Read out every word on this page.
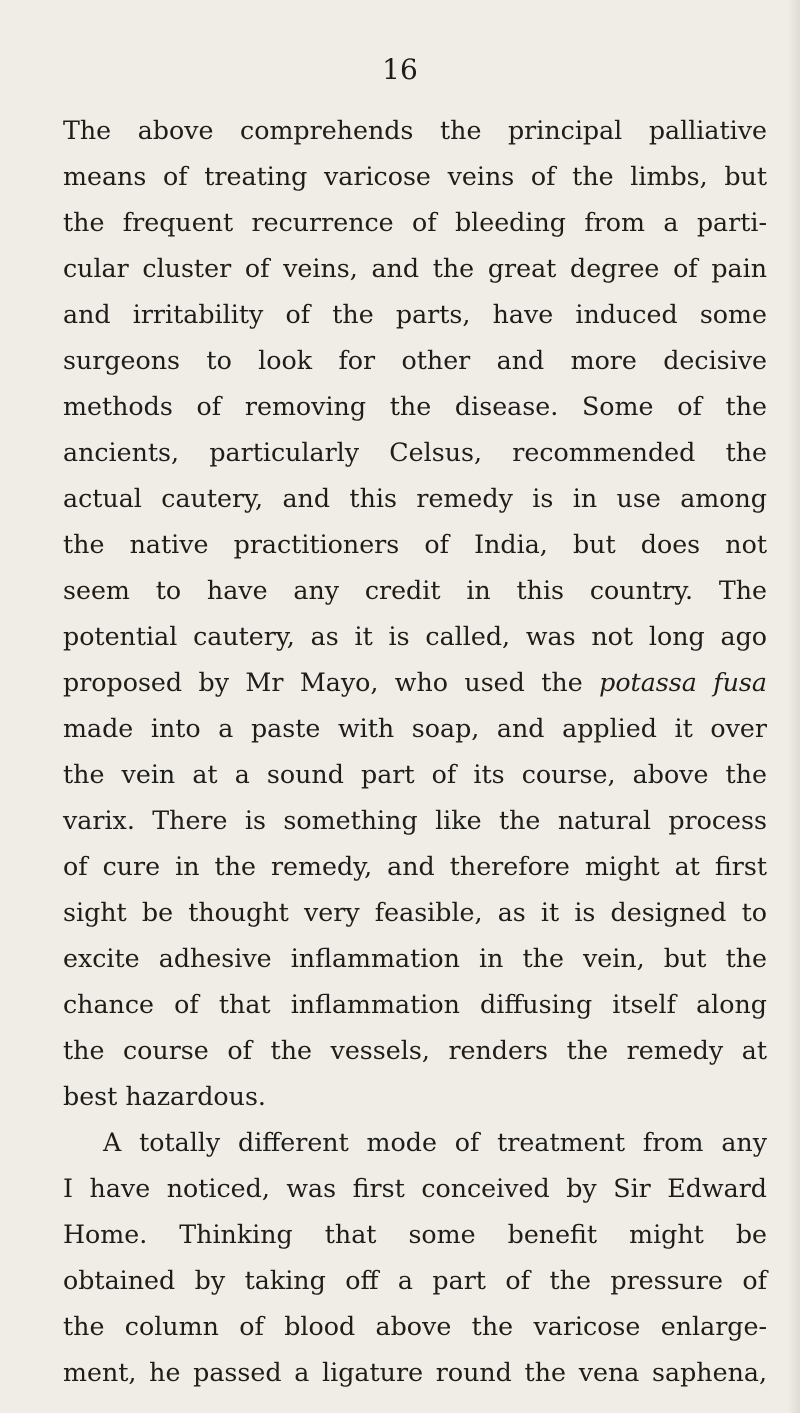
16

The above comprehends the principal palliative

means of treating varicose veins of the limbs, but

the frequent recurrence of bleeding from a parti-

cular cluster of veins, and the great degree of pain

and irritability of the parts, have induced some

surgeons to look for other and more decisive

methods of removing the disease. Some of the

ancients, particularly Celsus, recommended the

actual cautery, and this remedy is in use among

the native practitioners of India, but does not

seem to have any credit in this country. The

potential cautery, as it is called, was not long ago

proposed by Mr Mayo, who used the potassa fusa

made into a paste with soap, and applied it over

the vein at a sound part of its course, above the

varix. There is something like the natural process

of cure in the remedy, and therefore might at first

sight be thought very feasible, as it is designed to

excite adhesive inflammation in the vein, but the

chance of that inflammation diffusing itself along

the course of the vessels, renders the remedy at

best hazardous.

A totally different mode of treatment from any

I have noticed, was first conceived by Sir Edward

Home. Thinking that some benefit might be

obtained by taking off a part of the pressure of

the column of blood above the varicose enlarge-

ment, he passed a ligature round the vena saphena,
